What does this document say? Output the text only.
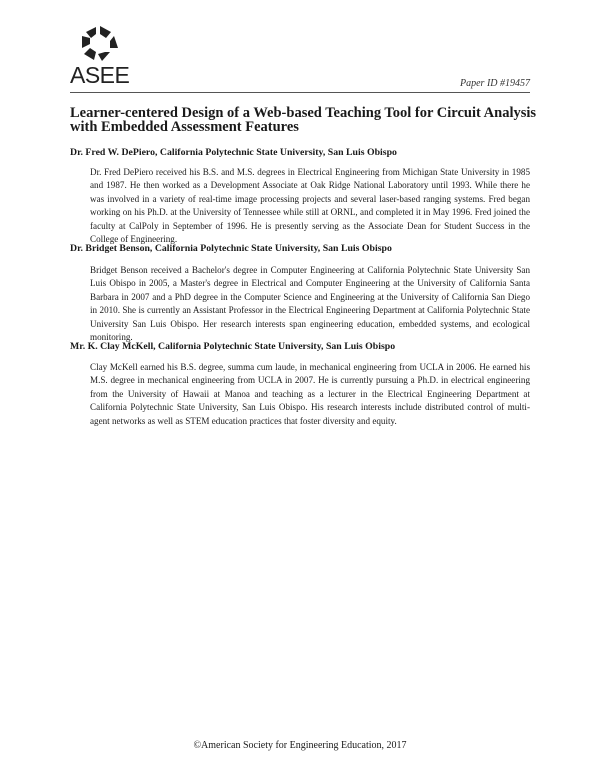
ASEE	Paper ID #19457
Learner-centered Design of a Web-based Teaching Tool for Circuit Analysis with Embedded Assessment Features

Dr. Fred W. DePiero, California Polytechnic State University, San Luis Obispo

Dr. Fred DePiero received his B.S. and M.S. degrees in Electrical Engineering from Michigan State University in 1985 and 1987. He then worked as a Development Associate at Oak Ridge National Laboratory until 1993. While there he was involved in a variety of real-time image processing projects and several laser-based ranging systems. Fred began working on his Ph.D. at the University of Tennessee while still at ORNL, and completed it in May 1996. Fred joined the faculty at CalPoly in September of 1996. He is presently serving as the Associate Dean for Student Success in the College of Engineering.

Dr. Bridget Benson, California Polytechnic State University, San Luis Obispo

Bridget Benson received a Bachelor's degree in Computer Engineering at California Polytechnic State University San Luis Obispo in 2005, a Master's degree in Electrical and Computer Engineering at the University of California Santa Barbara in 2007 and a PhD degree in the Computer Science and Engineering at the University of California San Diego in 2010. She is currently an Assistant Professor in the Electrical Engineering Department at California Polytechnic State University San Luis Obispo. Her research interests span engineering education, embedded systems, and ecological monitoring.

Mr. K. Clay McKell, California Polytechnic State University, San Luis Obispo

Clay McKell earned his B.S. degree, summa cum laude, in mechanical engineering from UCLA in 2006. He earned his M.S. degree in mechanical engineering from UCLA in 2007. He is currently pursuing a Ph.D. in electrical engineering from the University of Hawaii at Manoa and teaching as a lecturer in the Electrical Engineering Department at California Polytechnic State University, San Luis Obispo. His research interests include distributed control of multi-agent networks as well as STEM education practices that foster diversity and equity.

©American Society for Engineering Education, 2017
